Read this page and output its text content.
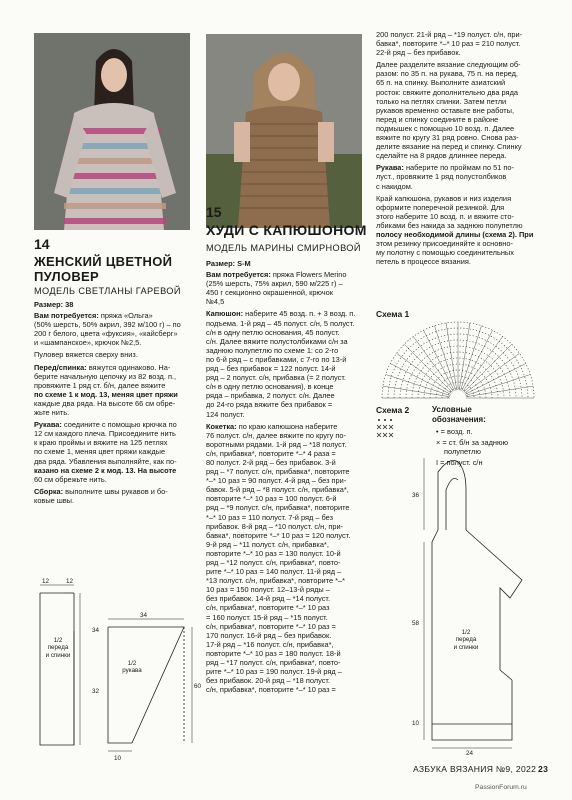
14
ЖЕНСКИЙ ЦВЕТНОЙ
ПУЛОВЕР
МОДЕЛЬ СВЕТЛАНЫ ГАРЕВОЙ
Размер: 38
Вам потребуется: пряжа «Ольга»
(50% шерсть, 50% акрил, 392 м/100 г) – по
200 г белого, цвета «фуксия», «кайсберг»
и «шампанское», крючок №2,5.
Пуловер вяжется сверху вниз.
Перед/спинка: вяжутся одинаково. На-
берите начальную цепочку из 82 возд. п.,
провяжите 1 ряд ст. б/н, далее вяжите
по схеме 1 к мод. 13, меняя цвет пряжи
каждые два ряда. На высоте 66 см обре-
жьте нить.
Рукава: соедините с помощью крючка по
12 см каждого плеча. Присоедините нить
к краю проймы и вяжите на 125 петлях
по схеме 1, меняя цвет пряжи каждые
два ряда. Убавления выполняйте, как по-
казано на схеме 2 к мод. 13. На высоте
60 см обрежьте нить.
Сборка: выполните швы рукавов и бо-
ковые швы.
12	12
34
34
32
60
10
1/2
переда
и спинки
1/2
рукава
15
ХУДИ С КАПЮШОНОМ
МОДЕЛЬ МАРИНЫ СМИРНОВОЙ
Размер: S-M
Вам потребуется: пряжа Flowers Merino
(25% шерсть, 75% акрил, 590 м/225 г) –
450 г секционно окрашенной, крючок
№4,5
Капюшон: наберите 45 возд. п. + 3 возд. п.
подъема. 1-й ряд – 45 полуст. с/н, 5 полуст.
с/н в одну петлю основания, 45 полуст.
с/н. Далее вяжите полустолбиками с/н за
заднюю полупетлю по схеме 1: со 2-го
по 6-й ряд – с прибавками, с 7-го по 13-й
ряд – без прибавок = 122 полуст. 14-й
ряд – 2 полуст. с/н, прибавка (= 2 полуст.
с/н в одну петлю основания), в конце
ряда – прибавка, 2 полуст. с/н. Далее
до 24-го ряда вяжите без прибавок =
124 полуст.
Кокетка: по краю капюшона наберите
76 полуст. с/н, далее вяжите по кругу по-
воротными рядами. 1-й ряд – *18 полуст.
с/н, прибавка*, повторите *–* 4 раза =
80 полуст. 2-й ряд – без прибавок. 3-й
ряд – *7 полуст. с/н, прибавка*, повторите
*–* 10 раз = 90 полуст. 4-й ряд – без при-
бавок. 5-й ряд – *8 полуст. с/н, прибавка*,
повторите *–* 10 раз = 100 полуст. 6-й
ряд – *9 полуст. с/н, прибавка*, повторите
*–* 10 раз = 110 полуст. 7-й ряд – без
прибавок. 8-й ряд – *10 полуст. с/н, при-
бавка*, повторите *–* 10 раз = 120 полуст.
9-й ряд – *11 полуст. с/н, прибавка*,
повторите *–* 10 раз = 130 полуст. 10-й
ряд – *12 полуст. с/н, прибавка*, повто-
рите *–* 10 раз = 140 полуст. 11-й ряд –
*13 полуст. с/н, прибавка*, повторите *–*
10 раз = 150 полуст. 12–13-й ряды –
без прибавок. 14-й ряд – *14 полуст.
с/н, прибавка*, повторите *–* 10 раз
= 160 полуст. 15-й ряд – *15 полуст.
с/н, прибавка*, повторите *–* 10 раз =
170 полуст. 16-й ряд – без прибавок.
17-й ряд – *16 полуст. с/н, прибавка*,
повторите *–* 10 раз = 180 полуст. 18-й
ряд – *17 полуст. с/н, прибавка*, повто-
рите *–* 10 раз = 190 полуст. 19-й ряд –
без прибавок. 20-й ряд – *18 полуст.
с/н, прибавка*, повторите *–* 10 раз =
200 полуст. 21-й ряд – *19 полуст. с/н, при-
бавка*, повторите *–* 10 раз = 210 полуст.
22-й ряд – без прибавок.
Далее разделите вязание следующим об-
разом: по 35 п. на рукава, 75 п. на перед,
65 п. на спинку. Выполните азиатский
росток: свяжите дополнительно два ряда
только на петлях спинки. Затем петли
рукавов временно оставьте вне работы,
перед и спинку соедините в районе
подмышек с помощью 10 возд. п. Далее
вяжите по кругу 31 ряд ровно. Снова раз-
делите вязание на перед и спинку. Спинку
сделайте на 8 рядов длиннее переда.
Рукава: наберите по проймам по 51 по-
луст., провяжите 1 ряд полустолбиков
с накидом.
Край капюшона, рукавов и низ изделия
оформите поперечной резинкой. Для
этого наберите 10 возд. п. и вяжите сто-
лбиками без накида за заднюю полупетлю
полосу необходимой длины (схема 2). При
этом резинку присоединяйте к основно-
му полотну с помощью соединительных
петель в процессе вязания.
Схема 1
Схема 2	Условные
обозначения:
• = возд. п.
× = ст. б/н за заднюю
полупетлю
I = полуст. с/н
36
58
10
24
1/2
переда
и спинки
АЗБУКА ВЯЗАНИЯ №9, 2022 23
PassionForum.ru
